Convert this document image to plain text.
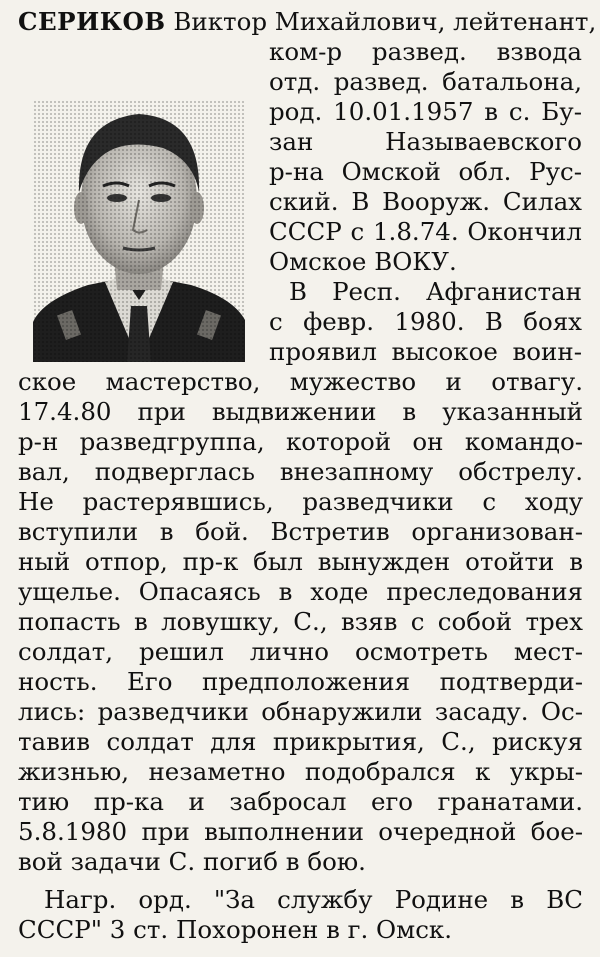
СЕРИКОВ Виктор Михайлович, лейтенант,
ком-р развед. взвода
отд. развед. батальона,
род. 10.01.1957 в с. Бу-
зан Называевского
р-на Омской обл. Рус-
ский. В Вооруж. Силах
СССР с 1.8.74. Окончил
Омское ВОКУ.
В Респ. Афганистан
с февр. 1980. В боях
проявил высокое воин-
ское мастерство, мужество и отвагу.
17.4.80 при выдвижении в указанный
р-н разведгруппа, которой он командо-
вал, подверглась внезапному обстрелу.
Не растерявшись, разведчики с ходу
вступили в бой. Встретив организован-
ный отпор, пр-к был вынужден отойти в
ущелье. Опасаясь в ходе преследования
попасть в ловушку, С., взяв с собой трех
солдат, решил лично осмотреть мест-
ность. Его предположения подтверди-
лись: разведчики обнаружили засаду. Ос-
тавив солдат для прикрытия, С., рискуя
жизнью, незаметно подобрался к укры-
тию пр-ка и забросал его гранатами.
5.8.1980 при выполнении очередной бое-
вой задачи С. погиб в бою.
Нагр. орд. "За службу Родине в ВС
СССР" 3 ст. Похоронен в г. Омск.
